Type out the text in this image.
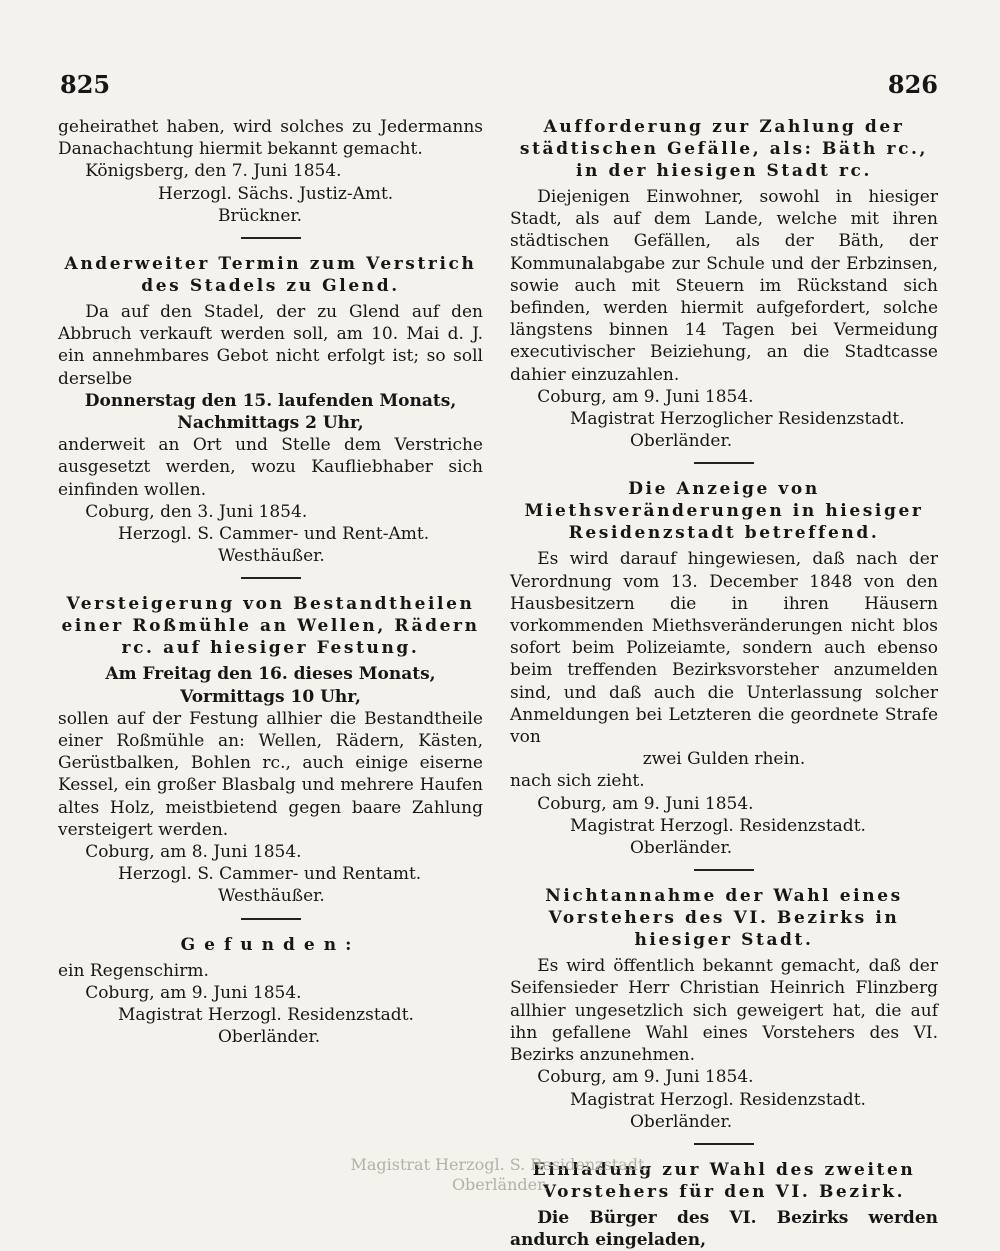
825	826

geheirathet haben, wird solches zu Jedermanns Danachachtung hiermit bekannt gemacht.

Königsberg, den 7. Juni 1854.

Herzogl. Sächs. Justiz-Amt.

Brückner.

Anderweiter Termin zum Verstrich des Stadels zu Glend.

Da auf den Stadel, der zu Glend auf den Abbruch verkauft werden soll, am 10. Mai d. J. ein annehmbares Gebot nicht erfolgt ist; so soll derselbe

Donnerstag den 15. laufenden Monats,

Nachmittags 2 Uhr,

anderweit an Ort und Stelle dem Verstriche ausgesetzt werden, wozu Kaufliebhaber sich einfinden wollen.

Coburg, den 3. Juni 1854.

Herzogl. S. Cammer- und Rent-Amt.

Westhäußer.

Versteigerung von Bestandtheilen einer Roßmühle an Wellen, Rädern rc. auf hiesiger Festung.

Am Freitag den 16. dieses Monats,

Vormittags 10 Uhr,

sollen auf der Festung allhier die Bestandtheile einer Roßmühle an: Wellen, Rädern, Kästen, Gerüstbalken, Bohlen rc., auch einige eiserne Kessel, ein großer Blasbalg und mehrere Haufen altes Holz, meistbietend gegen baare Zahlung versteigert werden.

Coburg, am 8. Juni 1854.

Herzogl. S. Cammer- und Rentamt.

Westhäußer.

Gefunden:

ein Regenschirm.

Coburg, am 9. Juni 1854.

Magistrat Herzogl. Residenzstadt.

Oberländer.

Aufforderung zur Zahlung der städtischen Gefälle, als: Bäth rc., in der hiesigen Stadt rc.

Diejenigen Einwohner, sowohl in hiesiger Stadt, als auf dem Lande, welche mit ihren städtischen Gefällen, als der Bäth, der Kommunalabgabe zur Schule und der Erbzinsen, sowie auch mit Steuern im Rückstand sich befinden, werden hiermit aufgefordert, solche längstens binnen 14 Tagen bei Vermeidung executivischer Beiziehung, an die Stadtcasse dahier einzuzahlen.

Coburg, am 9. Juni 1854.

Magistrat Herzoglicher Residenzstadt.

Oberländer.

Die Anzeige von Miethsveränderungen in hiesiger Residenzstadt betreffend.

Es wird darauf hingewiesen, daß nach der Verordnung vom 13. December 1848 von den Hausbesitzern die in ihren Häusern vorkommenden Miethsveränderungen nicht blos sofort beim Polizeiamte, sondern auch ebenso beim treffenden Bezirksvorsteher anzumelden sind, und daß auch die Unterlassung solcher Anmeldungen bei Letzteren die geordnete Strafe von

zwei Gulden rhein.

nach sich zieht.

Coburg, am 9. Juni 1854.

Magistrat Herzogl. Residenzstadt.

Oberländer.

Nichtannahme der Wahl eines Vorstehers des VI. Bezirks in hiesiger Stadt.

Es wird öffentlich bekannt gemacht, daß der Seifensieder Herr Christian Heinrich Flinzberg allhier ungesetzlich sich geweigert hat, die auf ihn gefallene Wahl eines Vorstehers des VI. Bezirks anzunehmen.

Coburg, am 9. Juni 1854.

Magistrat Herzogl. Residenzstadt.

Oberländer.

Einladung zur Wahl des zweiten Vorstehers für den VI. Bezirk.

Die Bürger des VI. Bezirks werden andurch eingeladen,

Magistrat Herzogl. S. Residenzstadt.
Oberländer.
